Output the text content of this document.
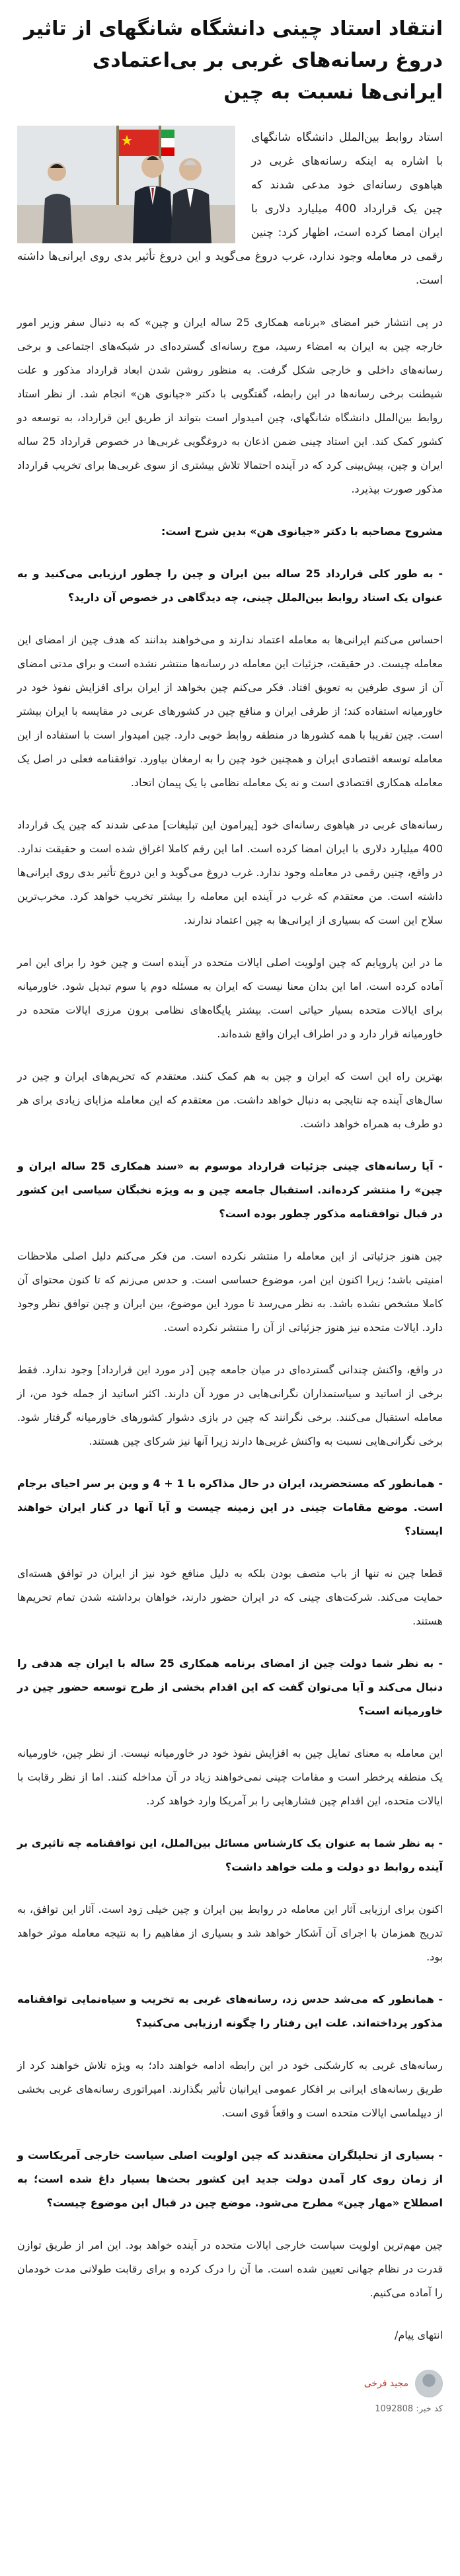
انتقاد استاد چینی دانشگاه شانگهای از تاثیر دروغ رسانه‌های غربی بر بی‌اعتمادی ایرانی‌ها نسبت به چین
استاد روابط بین‌الملل دانشگاه شانگهای با اشاره به اینکه رسانه‌های غربی در هیاهوی رسانه‌ای خود مدعی شدند که چین یک قرارداد 400 میلیارد دلاری با ایران امضا کرده است، اظهار کرد: چنین رقمی در معامله وجود ندارد، غرب دروغ می‌گوید و این دروغ تأثیر بدی روی ایرانی‌ها داشته است.

در پی انتشار خبر امضای «برنامه همکاری 25 ساله ایران و چین» که به دنبال سفر وزیر امور خارجه چین به ایران به امضاء رسید، موج رسانه‌ای گسترده‌ای در شبکه‌های اجتماعی و برخی رسانه‌های داخلی و خارجی شکل گرفت. به منظور روشن شدن ابعاد قرارداد مذکور و علت شیطنت برخی رسانه‌ها در این رابطه، گفتگویی با دکتر «جیانوی هن» انجام شد. از نظر استاد روابط بین‌الملل دانشگاه شانگهای، چین امیدوار است بتواند از طریق این قرارداد، به توسعه دو کشور کمک کند. این استاد چینی ضمن اذعان به دروغگویی غربی‌ها در خصوص قرارداد 25 ساله ایران و چین، پیش‌بینی کرد که در آینده احتمالا تلاش بیشتری از سوی غربی‌ها برای تخریب قرارداد مذکور صورت بپذیرد.

مشروح مصاحبه با دکتر «جیانوی هن» بدین شرح است:

- به طور کلی قرارداد 25 ساله بین ایران و چین را چطور ارزیابی می‌کنید و به عنوان یک استاد روابط بین‌الملل چینی، چه دیدگاهی در خصوص آن دارید؟

احساس می‌کنم ایرانی‌ها به معامله اعتماد ندارند و می‌خواهند بدانند که هدف چین از امضای این معامله چیست. در حقیقت، جزئیات این معامله در رسانه‌ها منتشر نشده است و برای مدتی امضای آن از سوی طرفین به تعویق افتاد. فکر می‌کنم چین بخواهد از ایران برای افزایش نفوذ خود در خاورمیانه استفاده کند؛ از طرفی ایران و منافع چین در کشورهای عربی در مقایسه با ایران بیشتر است. چین تقریبا با همه کشورها در منطقه روابط خوبی دارد. چین امیدوار است با استفاده از این معامله توسعه اقتصادی ایران و همچنین خود چین را به ارمغان بیاورد. توافقنامه فعلی در اصل یک معامله همکاری اقتصادی است و نه یک معامله نظامی یا یک پیمان اتحاد.

رسانه‌های غربی در هیاهوی رسانه‌ای خود [پیرامون این تبلیغات] مدعی شدند که چین یک قرارداد 400 میلیارد دلاری با ایران امضا کرده است. اما این رقم کاملا اغراق شده است و حقیقت ندارد. در واقع، چنین رقمی در معامله وجود ندارد. غرب دروغ می‌گوید و این دروغ تأثیر بدی روی ایرانی‌ها داشته است. من معتقدم که غرب در آینده این معامله را بیشتر تخریب خواهد کرد. مخرب‌ترین سلاح این است که بسیاری از ایرانی‌ها به چین اعتماد ندارند.

ما در این پاروپایم که چین اولویت اصلی ایالات متحده در آینده است و چین خود را برای این امر آماده کرده است. اما این بدان معنا نیست که ایران به مسئله دوم یا سوم تبدیل شود. خاورمیانه برای ایالات متحده بسیار حیاتی است. بیشتر پایگاه‌های نظامی برون مرزی ایالات متحده در خاورمیانه قرار دارد و در اطراف ایران واقع شده‌اند.

بهترین راه این است که ایران و چین به هم کمک کنند. معتقدم که تحریم‌های ایران و چین در سال‌های آینده چه نتایجی به دنبال خواهد داشت. من معتقدم که این معامله مزایای زیادی برای هر دو طرف به همراه خواهد داشت.

- آیا رسانه‌های چینی جزئیات قرارداد موسوم به «سند همکاری 25 ساله ایران و چین» را منتشر کرده‌اند. استقبال جامعه چین و به ویژه نخبگان سیاسی این کشور در قبال توافقنامه مذکور چطور بوده است؟

چین هنوز جزئیاتی از این معامله را منتشر نکرده است. من فکر می‌کنم دلیل اصلی ملاحظات امنیتی باشد؛ زیرا اکنون این امر، موضوع حساسی است. و حدس می‌زنم که تا کنون محتوای آن کاملا مشخص نشده باشد. به نظر می‌رسد تا مورد این موضوع، بین ایران و چین توافق نظر وجود دارد. ایالات متحده نیز هنوز جزئیاتی از آن را منتشر نکرده است.

در واقع، واکنش چندانی گسترده‌ای در میان جامعه چین [در مورد این قرارداد] وجود ندارد. فقط برخی از اساتید و سیاستمداران نگرانی‌هایی در مورد آن دارند. اکثر اساتید از جمله خود من، از معامله استقبال می‌کنند. برخی نگرانند که چین در بازی دشوار کشورهای خاورمیانه گرفتار شود. برخی نگرانی‌هایی نسبت به واکنش غربی‌ها دارند زیرا آنها نیز شرکای چین هستند.

- همانطور که مستحضرید، ایران در حال مذاکره با 1 + 4 و وین بر سر احیای برجام است. موضع مقامات چینی در این زمینه چیست و آیا آنها در کنار ایران خواهند ایستاد؟

قطعا چین نه تنها از باب متصف بودن بلکه به دلیل منافع خود نیز از ایران در توافق هسته‌ای حمایت می‌کند. شرکت‌های چینی که در ایران حضور دارند، خواهان برداشته شدن تمام تحریم‌ها هستند.

- به نظر شما دولت چین از امضای برنامه همکاری 25 ساله با ایران چه هدفی را دنبال می‌کند و آیا می‌توان گفت که این اقدام بخشی از طرح توسعه حضور چین در خاورمیانه است؟

این معامله به معنای تمایل چین به افزایش نفوذ خود در خاورمیانه نیست. از نظر چین، خاورمیانه یک منطقه پرخطر است و مقامات چینی نمی‌خواهند زیاد در آن مداخله کنند. اما از نظر رقابت با ایالات متحده، این اقدام چین فشارهایی را بر آمریکا وارد خواهد کرد.

- به نظر شما به عنوان یک کارشناس مسائل بین‌الملل، این توافقنامه چه تاثیری بر آینده روابط دو دولت و ملت خواهد داشت؟

اکنون برای ارزیابی آثار این معامله در روابط بین ایران و چین خیلی زود است. آثار این توافق، به تدریج همزمان با اجرای آن آشکار خواهد شد و بسیاری از مفاهیم را به نتیجه معامله موثر خواهد بود.

- همانطور که می‌شد حدس زد، رسانه‌های غربی به تخریب و سیاه‌نمایی توافقنامه مذکور پرداخته‌اند. علت این رفتار را چگونه ارزیابی می‌کنید؟

رسانه‌های غربی به کارشکنی خود در این رابطه ادامه خواهند داد؛ به ویژه تلاش خواهند کرد از طریق رسانه‌های ایرانی بر افکار عمومی ایرانیان تأثیر بگذارند. امپراتوری رسانه‌های غربی بخشی از دیپلماسی ایالات متحده است و واقعاً قوی است.

- بسیاری از تحلیلگران معتقدند که چین اولویت اصلی سیاست خارجی آمریکاست و از زمان روی کار آمدن دولت جدید این کشور بحث‌ها بسیار داغ شده است؛ به اصطلاح «مهار چین» مطرح می‌شود. موضع چین در قبال این موضوع چیست؟

چین مهم‌ترین اولویت سیاست خارجی ایالات متحده در آینده خواهد بود. این امر از طریق توازن قدرت در نظام جهانی تعیین شده است. ما آن را درک کرده و برای رقابت طولانی مدت خودمان را آماده می‌کنیم.

انتهای پیام/

مجید فرخی
کد خبر: 1092808
